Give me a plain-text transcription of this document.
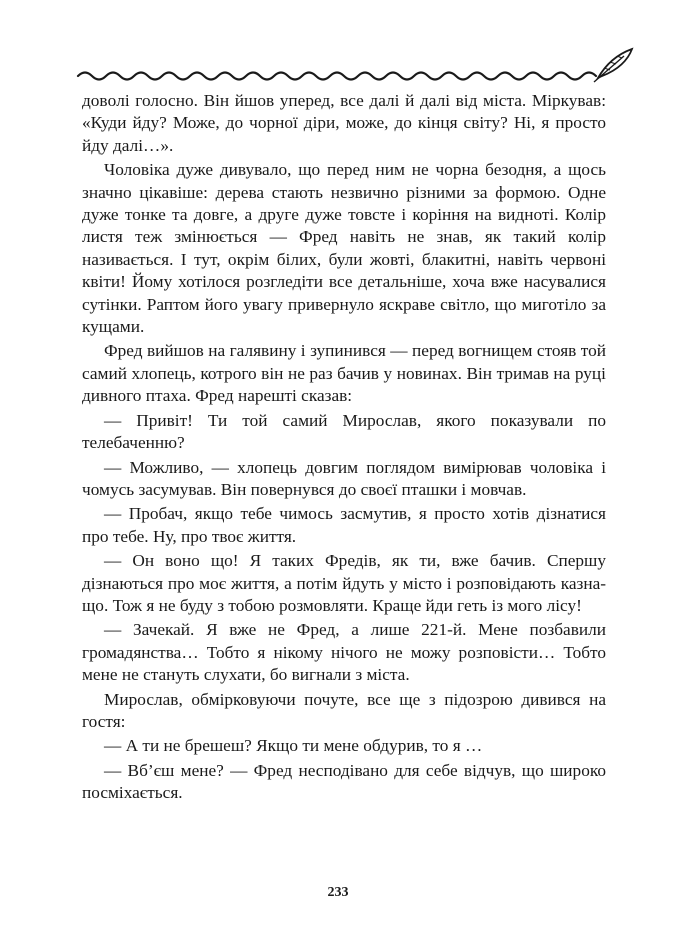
довoлі голосно. Він йшов уперед, все далі й далі від міста. Міркував: «Куди йду? Може, до чорної діри, може, до кінця світу? Ні, я просто йду далі…».

Чоловіка дуже дивувало, що перед ним не чорна безодня, а щось значно цікавіше: дерева стають незвично різними за формою. Одне дуже тонке та довге, а друге дуже товсте і коріння на видноті. Колір листя теж змінюється — Фред навіть не знав, як такий колір називається. І тут, окрім білих, були жовті, блакитні, навіть червоні квіти! Йому хотілося розгледіти все детальніше, хоча вже насувалися сутінки. Раптом його увагу привернуло яскраве світло, що миготіло за кущами.

Фред вийшов на галявину і зупинився — перед вогнищем стояв той самий хлопець, котрого він не раз бачив у новинах. Він тримав на руці дивного птаха. Фред нарешті сказав:

— Привіт! Ти той самий Мирослав, якого показували по телебаченню?

— Можливо, — хлопець довгим поглядом вимірював чоловіка і чомусь засумував. Він повернувся до своєї пташки і мовчав.

— Пробач, якщо тебе чимось засмутив, я просто хотів дізнатися про тебе. Ну, про твоє життя.

— Он воно що! Я таких Фредів, як ти, вже бачив. Спершу дізнаються про моє життя, а потім йдуть у місто і розповідають казна-що. Тож я не буду з тобою розмовляти. Краще йди геть із мого лісу!

— Зачекай. Я вже не Фред, а лише 221-й. Мене позбавили громадянства… Тобто я нікому нічого не можу розповісти… Тобто мене не стануть слухати, бо вигнали з міста.

Мирослав, обмірковуючи почуте, все ще з підозрою дивився на гостя:

— А ти не брешеш? Якщо ти мене обдурив, то я …

— Вб’єш мене? — Фред несподівано для себе відчув, що широко посміхається.

233
